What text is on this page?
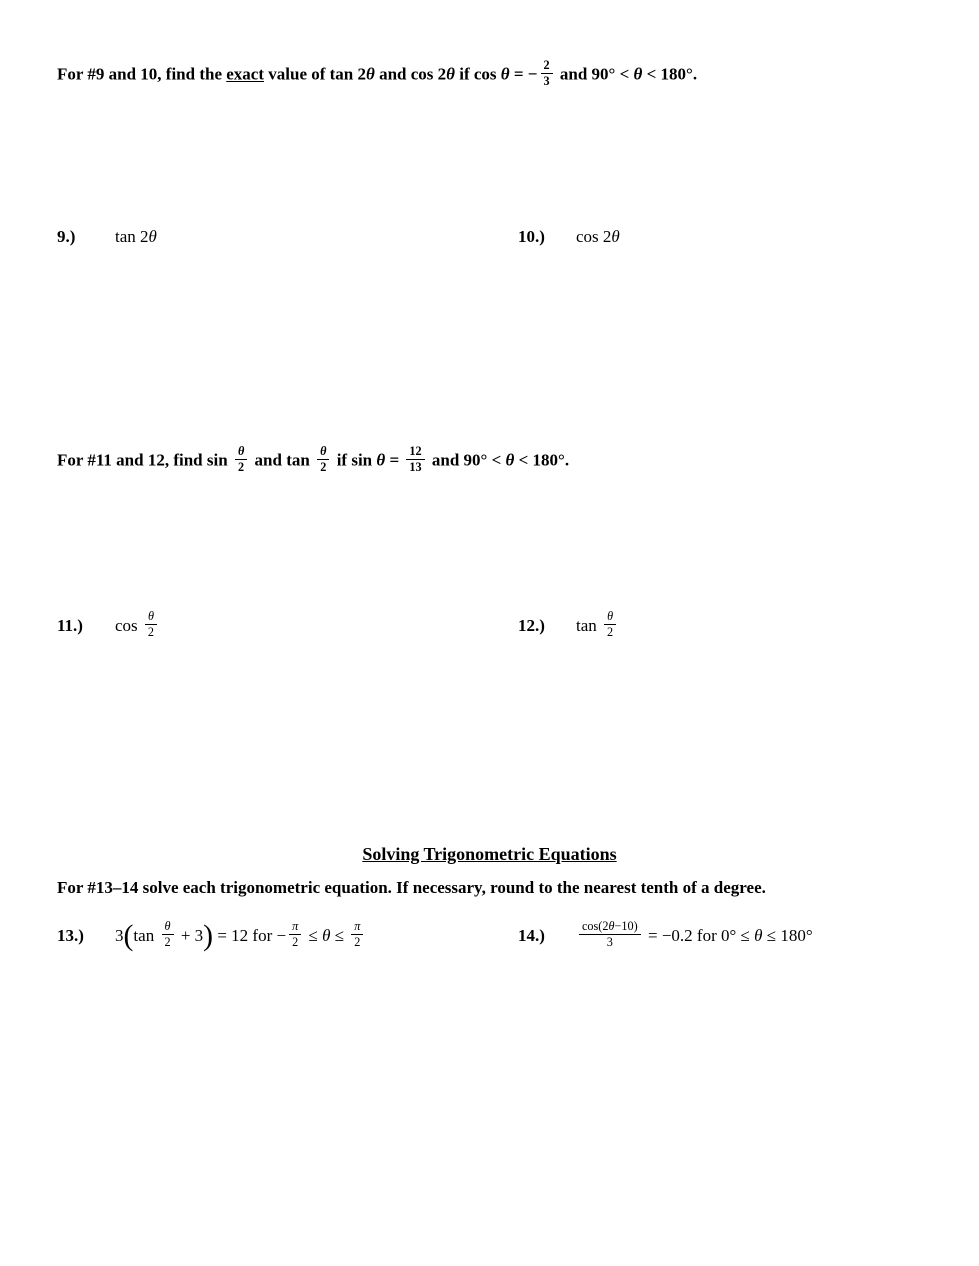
For #9 and 10, find the exact value of tan 2θ and cos 2θ if cos θ = − $\frac{2}{3}$ and 90° < θ < 180°.

9.) tan 2θ	10.) cos 2θ

For #11 and 12, find $\sin \frac{\theta}{2}$ and $\tan \frac{\theta}{2}$ if $\sin \theta = \frac{12}{13}$ and 90° < θ < 180°.

11.) $\cos \frac{\theta}{2}$	12.) $\tan \frac{\theta}{2}$

Solving Trigonometric Equations

For #13–14 solve each trigonometric equation. If necessary, round to the nearest tenth of a degree.

13.) $3(\tan \frac{\theta}{2} + 3) = 12$ for − $\frac{\pi}{2} \le \theta \le \frac{\pi}{2}$	14.)	$\frac{\cos(2\theta-10)}{3} = -0.2$ for 0° ≤ θ ≤ 180°
